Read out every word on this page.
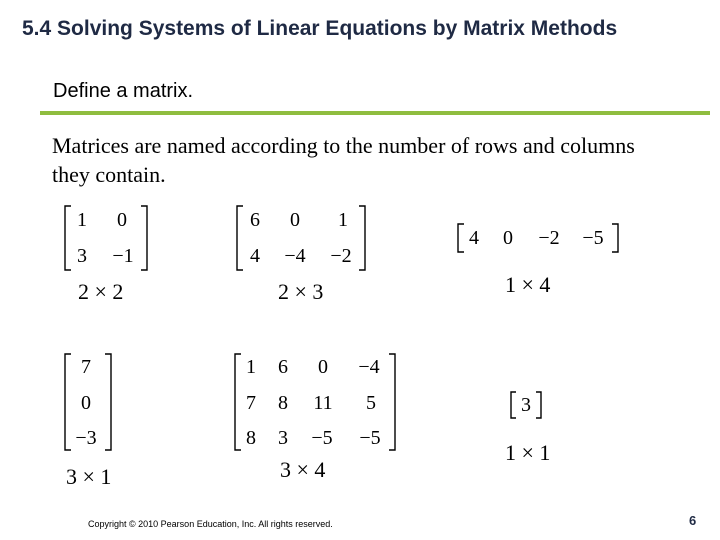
5.4 Solving Systems of Linear Equations by Matrix Methods
Define a matrix.
Matrices are named according to the number of rows and columns they contain.
1	0
3	−1
2 × 2
6	0	1
4	−4	−2
2 × 3
4	0	−2	−5
1 × 4
7
0
−3
3 × 1
1	6	0	−4
7	8	11	5
8	3	−5	−5
3 × 4
3
1 × 1
Copyright © 2010 Pearson Education, Inc. All rights reserved.	6
